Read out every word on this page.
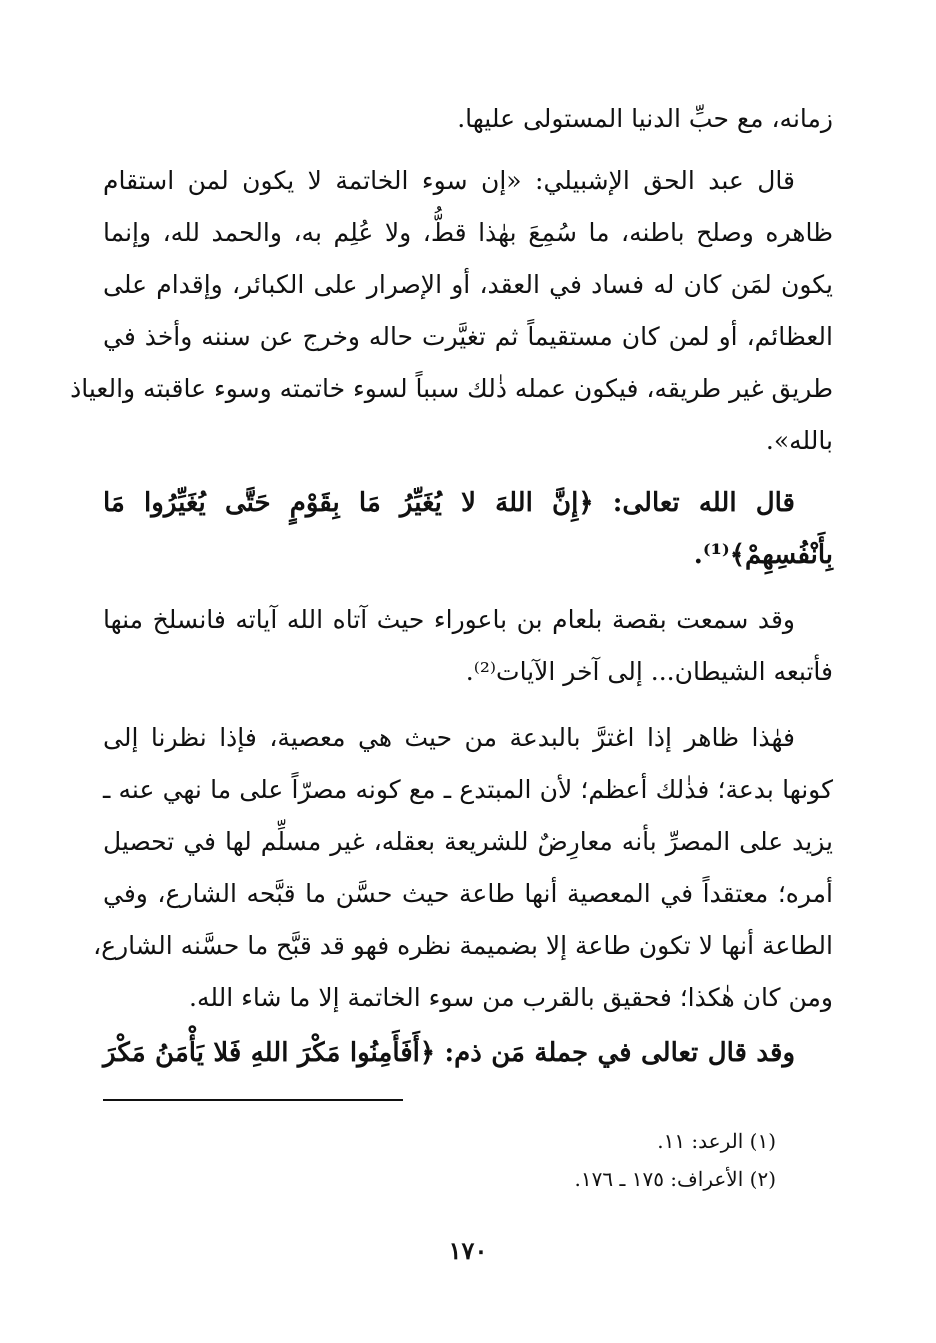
زمانه، مع حبِّ الدنيا المستولى عليها.
قال عبد الحق الإشبيلي: «إن سوء الخاتمة لا يكون لمن استقام
ظاهره وصلح باطنه، ما سُمِعَ بهٰذا قطُّ، ولا عُلِم به، والحمد لله، وإنما
يكون لمَن كان له فساد في العقد، أو الإصرار على الكبائر، وإقدام على
العظائم، أو لمن كان مستقيماً ثم تغيَّرت حاله وخرج عن سننه وأخذ في
طريق غير طريقه، فيكون عمله ذٰلك سبباً لسوء خاتمته وسوء عاقبته والعياذ
بالله».
قال الله تعالى: ﴿إِنَّ اللهَ لا يُغَيِّرُ مَا بِقَوْمٍ حَتَّى يُغَيِّرُوا مَا
بِأَنْفُسِهِمْ﴾⁽¹⁾.
وقد سمعت بقصة بلعام بن باعوراء حيث آتاه الله آياته فانسلخ منها
فأتبعه الشيطان... إلى آخر الآيات⁽²⁾.
فهٰذا ظاهر إذا اغترَّ بالبدعة من حيث هي معصية، فإذا نظرنا إلى
كونها بدعة؛ فذٰلك أعظم؛ لأن المبتدع ـ مع كونه مصرّاً على ما نهي عنه ـ
يزيد على المصرِّ بأنه معارِضٌ للشريعة بعقله، غير مسلِّم لها في تحصيل
أمره؛ معتقداً في المعصية أنها طاعة حيث حسَّن ما قبَّحه الشارع، وفي
الطاعة أنها لا تكون طاعة إلا بضميمة نظره فهو قد قبَّح ما حسَّنه الشارع،
ومن كان هٰكذا؛ فحقيق بالقرب من سوء الخاتمة إلا ما شاء الله.
وقد قال تعالى في جملة مَن ذم: ﴿أَفَأَمِنُوا مَكْرَ اللهِ فَلا يَأْمَنُ مَكْرَ
(١) الرعد: ١١.
(٢) الأعراف: ١٧٥ ـ ١٧٦.
١٧٠
